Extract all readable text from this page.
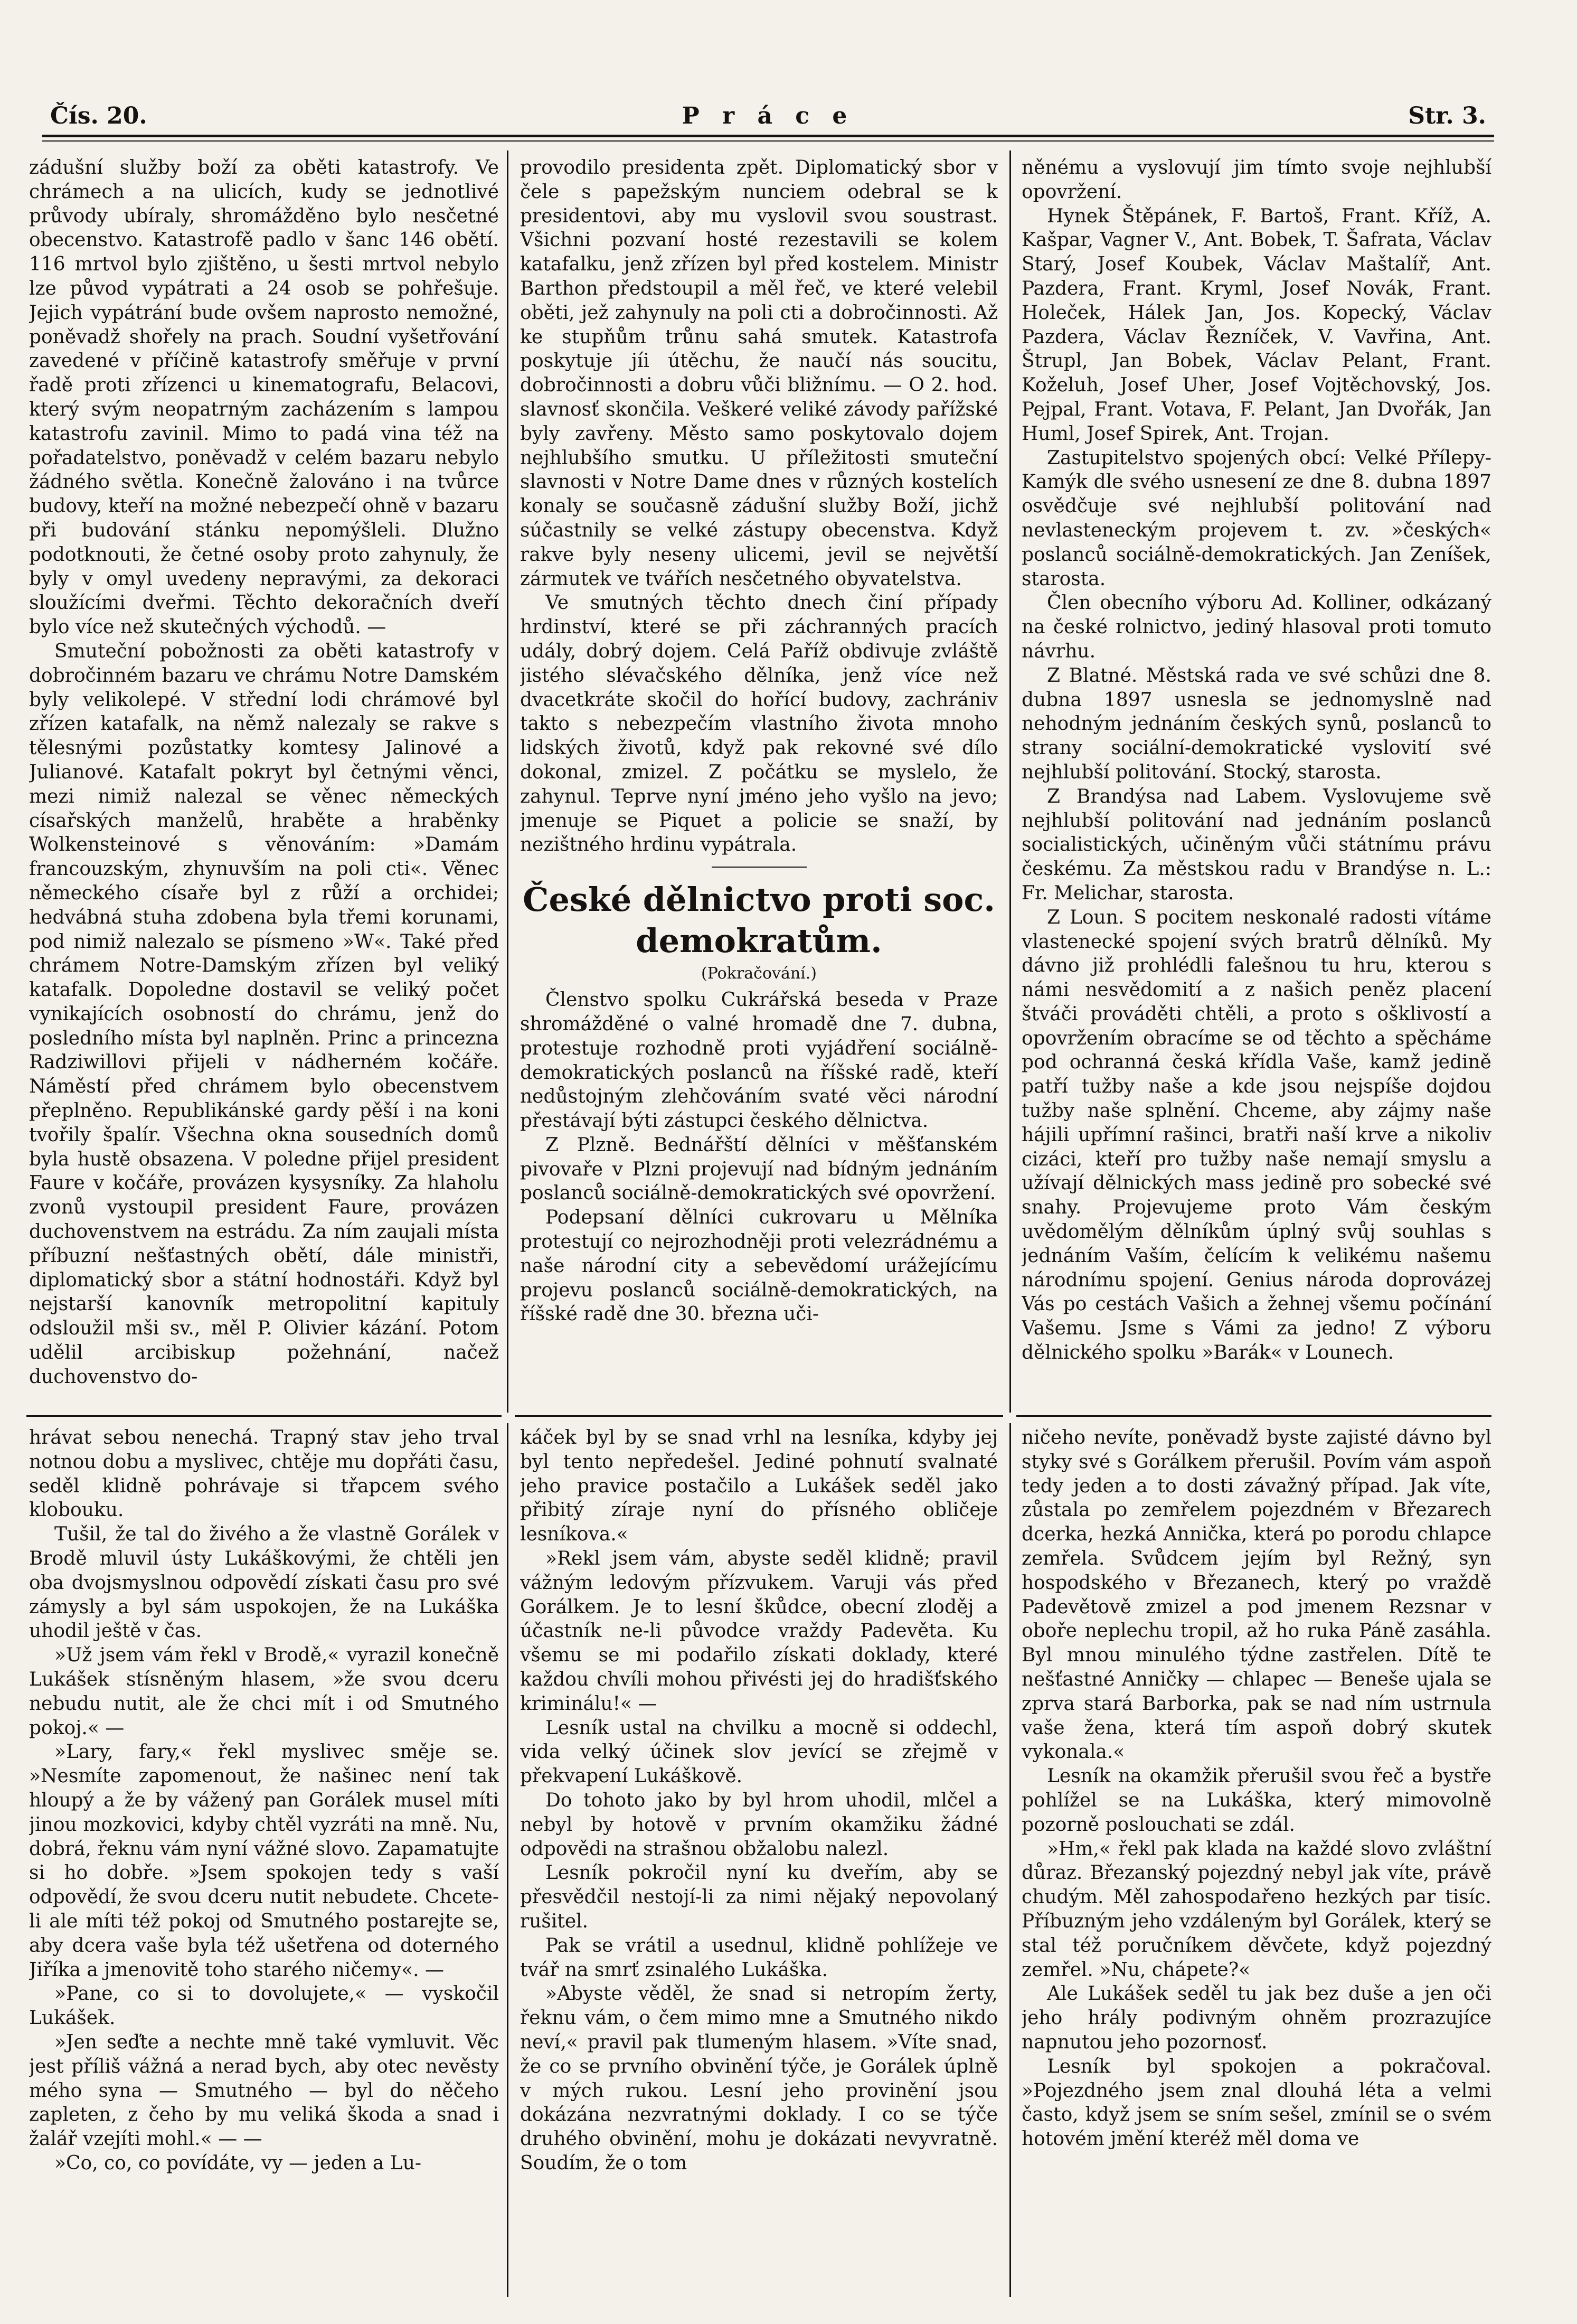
Čís. 20.	P r á c e	Str. 3.

zádušní služby boží za oběti katastrofy. Ve chrámech a na ulicích, kudy se jednotlivé průvody ubíraly, shromážděno bylo nesčetné obecenstvo. Katastrofě padlo v šanc 146 obětí. 116 mrtvol bylo zjištěno, u šesti mrtvol nebylo lze původ vypátrati a 24 osob se pohřešuje. Jejich vypátrání bude ovšem naprosto nemožné, poněvadž shořely na prach. Soudní vyšetřování zavedené v příčině katastrofy směřuje v první řadě proti zřízenci u kinematografu, Belacovi, který svým neopatrným zacházením s lampou katastrofu zavinil. Mimo to padá vina též na pořadatelstvo, poněvadž v celém bazaru nebylo žádného světla. Konečně žalováno i na tvůrce budovy, kteří na možné nebezpečí ohně v bazaru při budování stánku nepomýšleli. Dlužno podotknouti, že četné osoby proto zahynuly, že byly v omyl uvedeny nepravými, za dekoraci sloužícími dveřmi. Těchto dekoračních dveří bylo více než skutečných východů. —

Smuteční pobožnosti za oběti katastrofy v dobročinném bazaru ve chrámu Notre Damském byly velikolepé. V střední lodi chrámové byl zřízen katafalk, na němž nalezaly se rakve s tělesnými pozůstatky komtesy Jalinové a Julianové. Katafalt pokryt byl četnými věnci, mezi nimiž nalezal se věnec německých císařských manželů, hraběte a hraběnky Wolkensteinové s věnováním: »Damám francouzským, zhynuvším na poli cti«. Věnec německého císaře byl z růží a orchidei; hedvábná stuha zdobena byla třemi korunami, pod nimiž nalezalo se písmeno »W«. Také před chrámem Notre-Damským zřízen byl veliký katafalk. Dopoledne dostavil se veliký počet vynikajících osobností do chrámu, jenž do posledního místa byl naplněn. Princ a princezna Radziwillovi přijeli v nádherném kočáře. Náměstí před chrámem bylo obecenstvem přeplněno. Republikánské gardy pěší i na koni tvořily špalír. Všechna okna sousedních domů byla hustě obsazena. V poledne přijel president Faure v kočáře, provázen kysysníky. Za hlaholu zvonů vystoupil president Faure, provázen duchovenstvem na estrádu. Za ním zaujali místa příbuzní nešťastných obětí, dále ministři, diplomatický sbor a státní hodnostáři. Když byl nejstarší kanovník metropolitní kapituly odsloužil mši sv., měl P. Olivier kázání. Potom udělil arcibiskup požehnání, načež duchovenstvo do-

provodilo presidenta zpět. Diplomatický sbor v čele s papežským nunciem odebral se k presidentovi, aby mu vyslovil svou soustrast. Všichni pozvaní hosté rezestavili se kolem katafalku, jenž zřízen byl před kostelem. Ministr Barthon předstoupil a měl řeč, ve které velebil oběti, jež zahynuly na poli cti a dobročinnosti. Až ke stupňům trůnu sahá smutek. Katastrofa poskytuje jíi útěchu, že naučí nás soucitu, dobročinnosti a dobru vůči bližnímu. — O 2. hod. slavnosť skončila. Veškeré veliké závody pařížské byly zavřeny. Město samo poskytovalo dojem nejhlubšího smutku. U příležitosti smuteční slavnosti v Notre Dame dnes v různých kostelích konaly se současně zádušní služby Boží, jichž súčastnily se velké zástupy obecenstva. Když rakve byly neseny ulicemi, jevil se největší zármutek ve tvářích nesčetného obyvatelstva.

Ve smutných těchto dnech činí případy hrdinství, které se při záchranných pracích udály, dobrý dojem. Celá Paříž obdivuje zvláště jistého slévačského dělníka, jenž více než dvacetkráte skočil do hořící budovy, zachrániv takto s nebezpečím vlastního života mnoho lidských životů, když pak rekovné své dílo dokonal, zmizel. Z počátku se myslelo, že zahynul. Teprve nyní jméno jeho vyšlo na jevo; jmenuje se Piquet a policie se snaží, by nezištného hrdinu vypátrala.

České dělnictvo proti soc.
demokratům.
(Pokračování.)

Členstvo spolku Cukrářská beseda v Praze shromážděné o valné hromadě dne 7. dubna, protestuje rozhodně proti vyjádření sociálně-demokratických poslanců na říšské radě, kteří nedůstojným zlehčováním svaté věci národní přestávají býti zástupci českého dělnictva.

Z Plzně. Bednářští dělníci v měšťanském pivovaře v Plzni projevují nad bídným jednáním poslanců sociálně-demokratických své opovržení.

Podepsaní dělníci cukrovaru u Mělníka protestují co nejrozhodněji proti velezrádnému a naše národní city a sebevědomí urážejícímu projevu poslanců sociálně-demokratických, na říšské radě dne 30. března uči-

něnému a vyslovují jim tímto svoje nejhlubší opovržení.

Hynek Štěpánek, F. Bartoš, Frant. Kříž, A. Kašpar, Vagner V., Ant. Bobek, T. Šafrata, Václav Starý, Josef Koubek, Václav Maštalíř, Ant. Pazdera, Frant. Kryml, Josef Novák, Frant. Holeček, Hálek Jan, Jos. Kopecký, Václav Pazdera, Václav Řezníček, V. Vavřina, Ant. Štrupl, Jan Bobek, Václav Pelant, Frant. Koželuh, Josef Uher, Josef Vojtěchovský, Jos. Pejpal, Frant. Votava, F. Pelant, Jan Dvořák, Jan Huml, Josef Spirek, Ant. Trojan.

Zastupitelstvo spojených obcí: Velké Přílepy-Kamýk dle svého usnesení ze dne 8. dubna 1897 osvědčuje své nejhlubší politování nad nevlasteneckým projevem t. zv. »českých« poslanců sociálně-demokratických. Jan Zeníšek, starosta.

Člen obecního výboru Ad. Kolliner, odkázaný na české rolnictvo, jediný hlasoval proti tomuto návrhu.

Z Blatné. Městská rada ve své schůzi dne 8. dubna 1897 usnesla se jednomyslně nad nehodným jednáním českých synů, poslanců to strany sociální-demokratické vyslovití své nejhlubší politování. Stocký, starosta.

Z Brandýsa nad Labem. Vyslovujeme svě nejhlubší politování nad jednáním poslanců socialistických, učiněným vůči státnímu právu českému. Za městskou radu v Brandýse n. L.: Fr. Melichar, starosta.

Z Loun. S pocitem neskonalé radosti vítáme vlastenecké spojení svých bratrů dělníků. My dávno již prohlédli falešnou tu hru, kterou s námi nesvědomití a z našich peněz placení štváči prováděti chtěli, a proto s ošklivostí a opovržením obracíme se od těchto a spěcháme pod ochranná česká křídla Vaše, kamž jedině patří tužby naše a kde jsou nejspíše dojdou tužby naše splnění. Chceme, aby zájmy naše hájili upřímní rašinci, bratři naší krve a nikoliv cizáci, kteří pro tužby naše nemají smyslu a užívají dělnických mass jedině pro sobecké své snahy. Projevujeme proto Vám českým uvědomělým dělníkům úplný svůj souhlas s jednáním Vaším, čelícím k velikému našemu národnímu spojení. Genius národa doprovázej Vás po cestách Vašich a žehnej všemu počínání Vašemu. Jsme s Vámi za jedno! Z výboru dělnického spolku »Barák« v Lounech.

hrávat sebou nenechá. Trapný stav jeho trval notnou dobu a myslivec, chtěje mu dopřáti času, seděl klidně pohrávaje si třapcem svého klobouku.

Tušil, že tal do živého a že vlastně Gorálek v Brodě mluvil ústy Lukáškovými, že chtěli jen oba dvojsmyslnou odpovědí získati času pro své zámysly a byl sám uspokojen, že na Lukáška uhodil ještě v čas.

»Už jsem vám řekl v Brodě,« vyrazil konečně Lukášek stísněným hlasem, »že svou dceru nebudu nutit, ale že chci mít i od Smutného pokoj.« —

»Lary, fary,« řekl myslivec směje se. »Nesmíte zapomenout, že našinec není tak hloupý a že by vážený pan Gorálek musel míti jinou mozkovici, kdyby chtěl vyzráti na mně. Nu, dobrá, řeknu vám nyní vážné slovo. Zapamatujte si ho dobře. »Jsem spokojen tedy s vaší odpovědí, že svou dceru nutit nebudete. Chcete-li ale míti též pokoj od Smutného postarejte se, aby dcera vaše byla též ušetřena od doterného Jiříka a jmenovitě toho starého ničemy«. —

»Pane, co si to dovolujete,« — vyskočil Lukášek.

»Jen seďte a nechte mně také vymluvit. Věc jest příliš vážná a nerad bych, aby otec nevěsty mého syna — Smutného — byl do něčeho zapleten, z čeho by mu veliká škoda a snad i žalář vzejíti mohl.« — —

»Co, co, co povídáte, vy — jeden a Lu-

káček byl by se snad vrhl na lesníka, kdyby jej byl tento nepředešel. Jediné pohnutí svalnaté jeho pravice postačilo a Lukášek seděl jako přibitý zíraje nyní do přísného obličeje lesníkova.«

»Rekl jsem vám, abyste seděl klidně; pravil vážným ledovým přízvukem. Varuji vás před Gorálkem. Je to lesní škůdce, obecní zloděj a účastník ne-li původce vraždy Padevěta. Ku všemu se mi podařilo získati doklady, které každou chvíli mohou přivésti jej do hradišťského kriminálu!« —

Lesník ustal na chvilku a mocně si oddechl, vida velký účinek slov jevící se zřejmě v překvapení Lukáškově.

Do tohoto jako by byl hrom uhodil, mlčel a nebyl by hotově v prvním okamžiku žádné odpovědi na strašnou obžalobu nalezl.

Lesník pokročil nyní ku dveřím, aby se přesvědčil nestojí-li za nimi nějaký nepovolaný rušitel.

Pak se vrátil a usednul, klidně pohlížeje ve tvář na smrť zsinalého Lukáška.

»Abyste věděl, že snad si netropím žerty, řeknu vám, o čem mimo mne a Smutného nikdo neví,« pravil pak tlumeným hlasem. »Víte snad, že co se prvního obvinění týče, je Gorálek úplně v mých rukou. Lesní jeho provinění jsou dokázána nezvratnými doklady. I co se týče druhého obvinění, mohu je dokázati nevyvratně. Soudím, že o tom

ničeho nevíte, poněvadž byste zajisté dávno byl styky své s Gorálkem přerušil. Povím vám aspoň tedy jeden a to dosti závažný případ. Jak víte, zůstala po zemřelem pojezdném v Březarech dcerka, hezká Annička, která po porodu chlapce zemřela. Svůdcem jejím byl Režný, syn hospodského v Březanech, který po vraždě Padevětově zmizel a pod jmenem Rezsnar v oboře neplechu tropil, až ho ruka Páně zasáhla. Byl mnou minulého týdne zastřelen. Dítě te nešťastné Anničky — chlapec — Beneše ujala se zprva stará Barborka, pak se nad ním ustrnula vaše žena, která tím aspoň dobrý skutek vykonala.«

Lesník na okamžik přerušil svou řeč a bystře pohlížel se na Lukáška, který mimovolně pozorně poslouchati se zdál.

»Hm,« řekl pak klada na každé slovo zvláštní důraz. Březanský pojezdný nebyl jak víte, právě chudým. Měl zahospodařeno hezkých par tisíc. Příbuzným jeho vzdáleným byl Gorálek, který se stal též poručníkem děvčete, když pojezdný zemřel. »Nu, chápete?«

Ale Lukášek seděl tu jak bez duše a jen oči jeho hrály podivným ohněm prozrazujíce napnutou jeho pozornosť.

Lesník byl spokojen a pokračoval. »Pojezdného jsem znal dlouhá léta a velmi často, když jsem se sním sešel, zmínil se o svém hotovém jmění kteréž měl doma ve
